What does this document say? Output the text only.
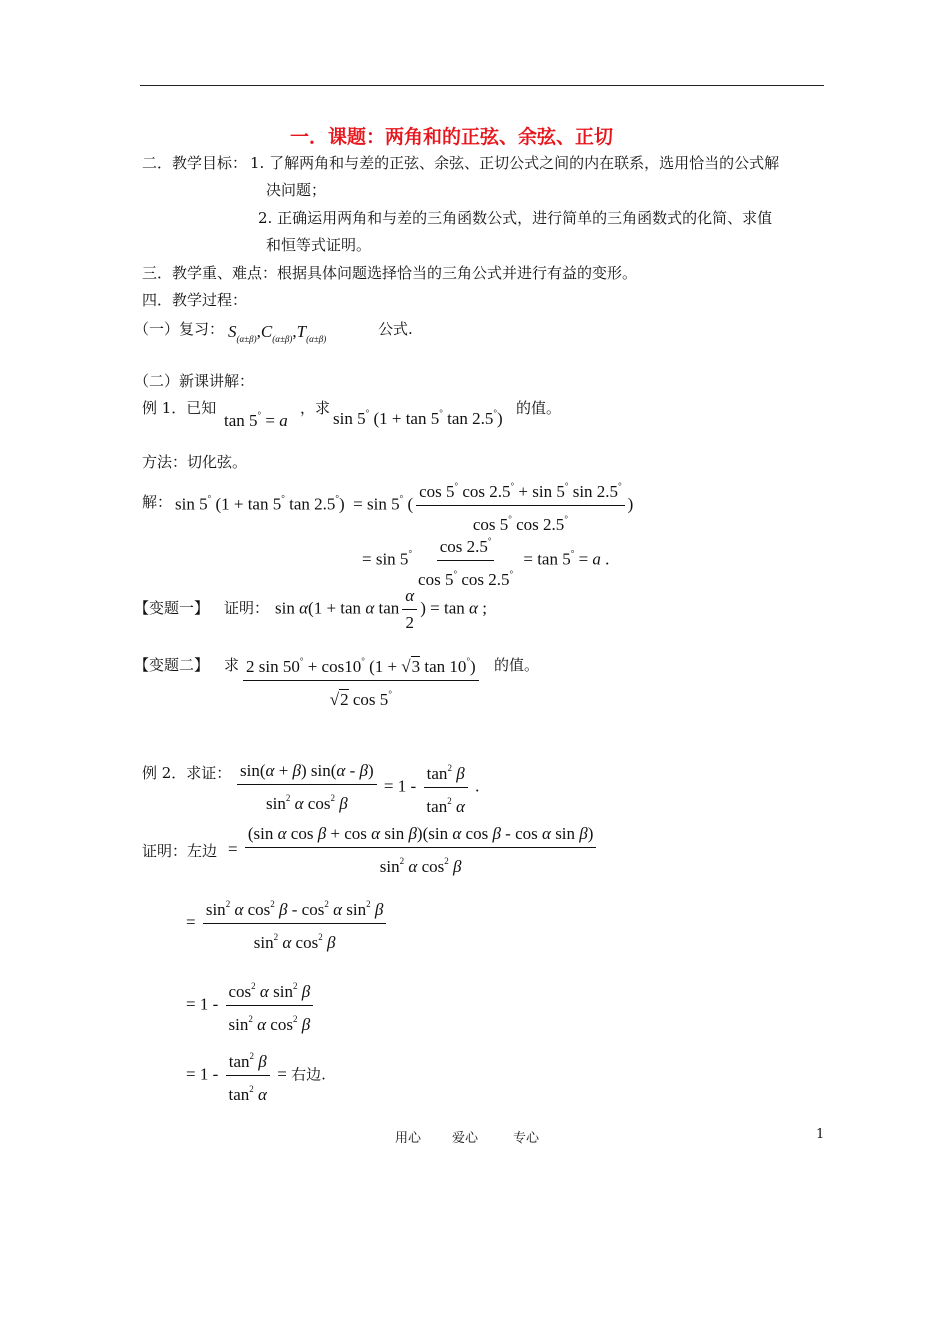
一．课题：两角和的正弦、余弦、正切
二．教学目标： 1. 了解两角和与差的正弦、余弦、正切公式之间的内在联系，选用恰当的公式解
决问题；
2. 正确运用两角和与差的三角函数公式，进行简单的三角函数式的化简、求值
和恒等式证明。
三．教学重、难点：根据具体问题选择恰当的三角公式并进行有益的变形。
四．教学过程：
（一）复习： $S_{(\alpha\pm\beta)},C_{(\alpha\pm\beta)},T_{(\alpha\pm\beta)}$
公式.
（二）新课讲解：
例 1．已知
tan 5° = a
，求
sin 5° (1 + tan 5° tan 2.5°)
的值。
方法：切化弦。
解： sin 5° (1 + tan 5° tan 2.5°)  = sin 5° ( $\frac{\cos 5^\circ \cos 2.5^\circ + \sin 5^\circ \sin 2.5^\circ}{\cos 5^\circ \cos 2.5^\circ}$ )
= $\sin 5^\circ \frac{\cos 2.5^\circ}{\cos 5^\circ \cos 2.5^\circ} = \tan 5^\circ = a$ .
【变题一】 证明： sin α(1 + tan α $\tan \frac{\alpha}{2}$ ) = tan α ;
【变题二】 求 $\frac{2 \sin 50^\circ + \cos 10^\circ (1 + √3 \tan 10^\circ)}{√2 \cos 5^\circ}$ 的值。
例 2．求证： $\frac{\sin(\alpha + \beta) \sin(\alpha - \beta)}{\sin^2 \alpha \cos^2 \beta} = 1 - \frac{\tan^2 \beta}{\tan^2 \alpha}$ .
证明：左边 = $\frac{\text{(sin α cos β + cos α sin β)(sin α cos β - cos α sin β)}}{\sin^2 \alpha \cos^2 \beta}$
= $\frac{\sin^2 \alpha \cos^2 \beta - \cos^2 \alpha \sin^2 \beta}{\sin^2 \alpha \cos^2 \beta}$
= $1 - \frac{\cos^2 \alpha \sin^2 \beta}{\sin^2 \alpha \cos^2 \beta}$
= $1 - \frac{\tan^2 \beta}{\tan^2 \alpha}$ = 右边.
用心 爱心	专心	1
